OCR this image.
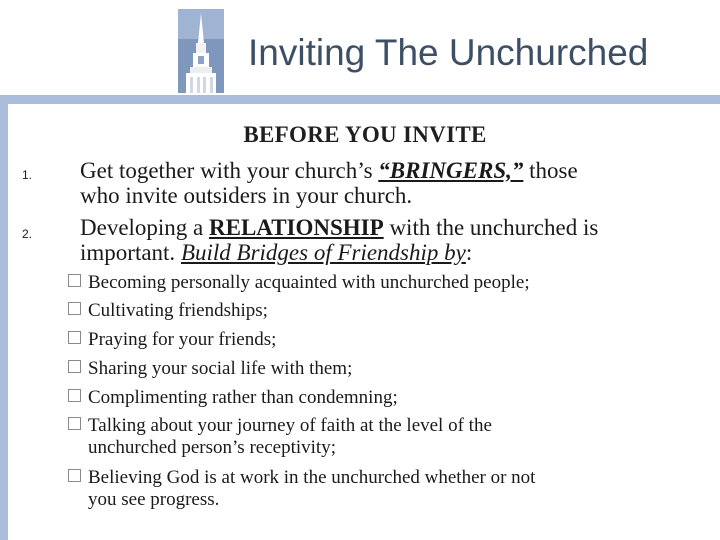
Inviting The Unchurched
BEFORE YOU INVITE
1. Get together with your church’s “BRINGERS,” those
who invite outsiders in your church.
2. Developing a RELATIONSHIP with the unchurched is
important. Build Bridges of Friendship by:
Becoming personally acquainted with unchurched people;
Cultivating friendships;
Praying for your friends;
Sharing your social life with them;
Complimenting rather than condemning;
Talking about your journey of faith at the level of the
unchurched person’s receptivity;
Believing God is at work in the unchurched whether or not
you see progress.
